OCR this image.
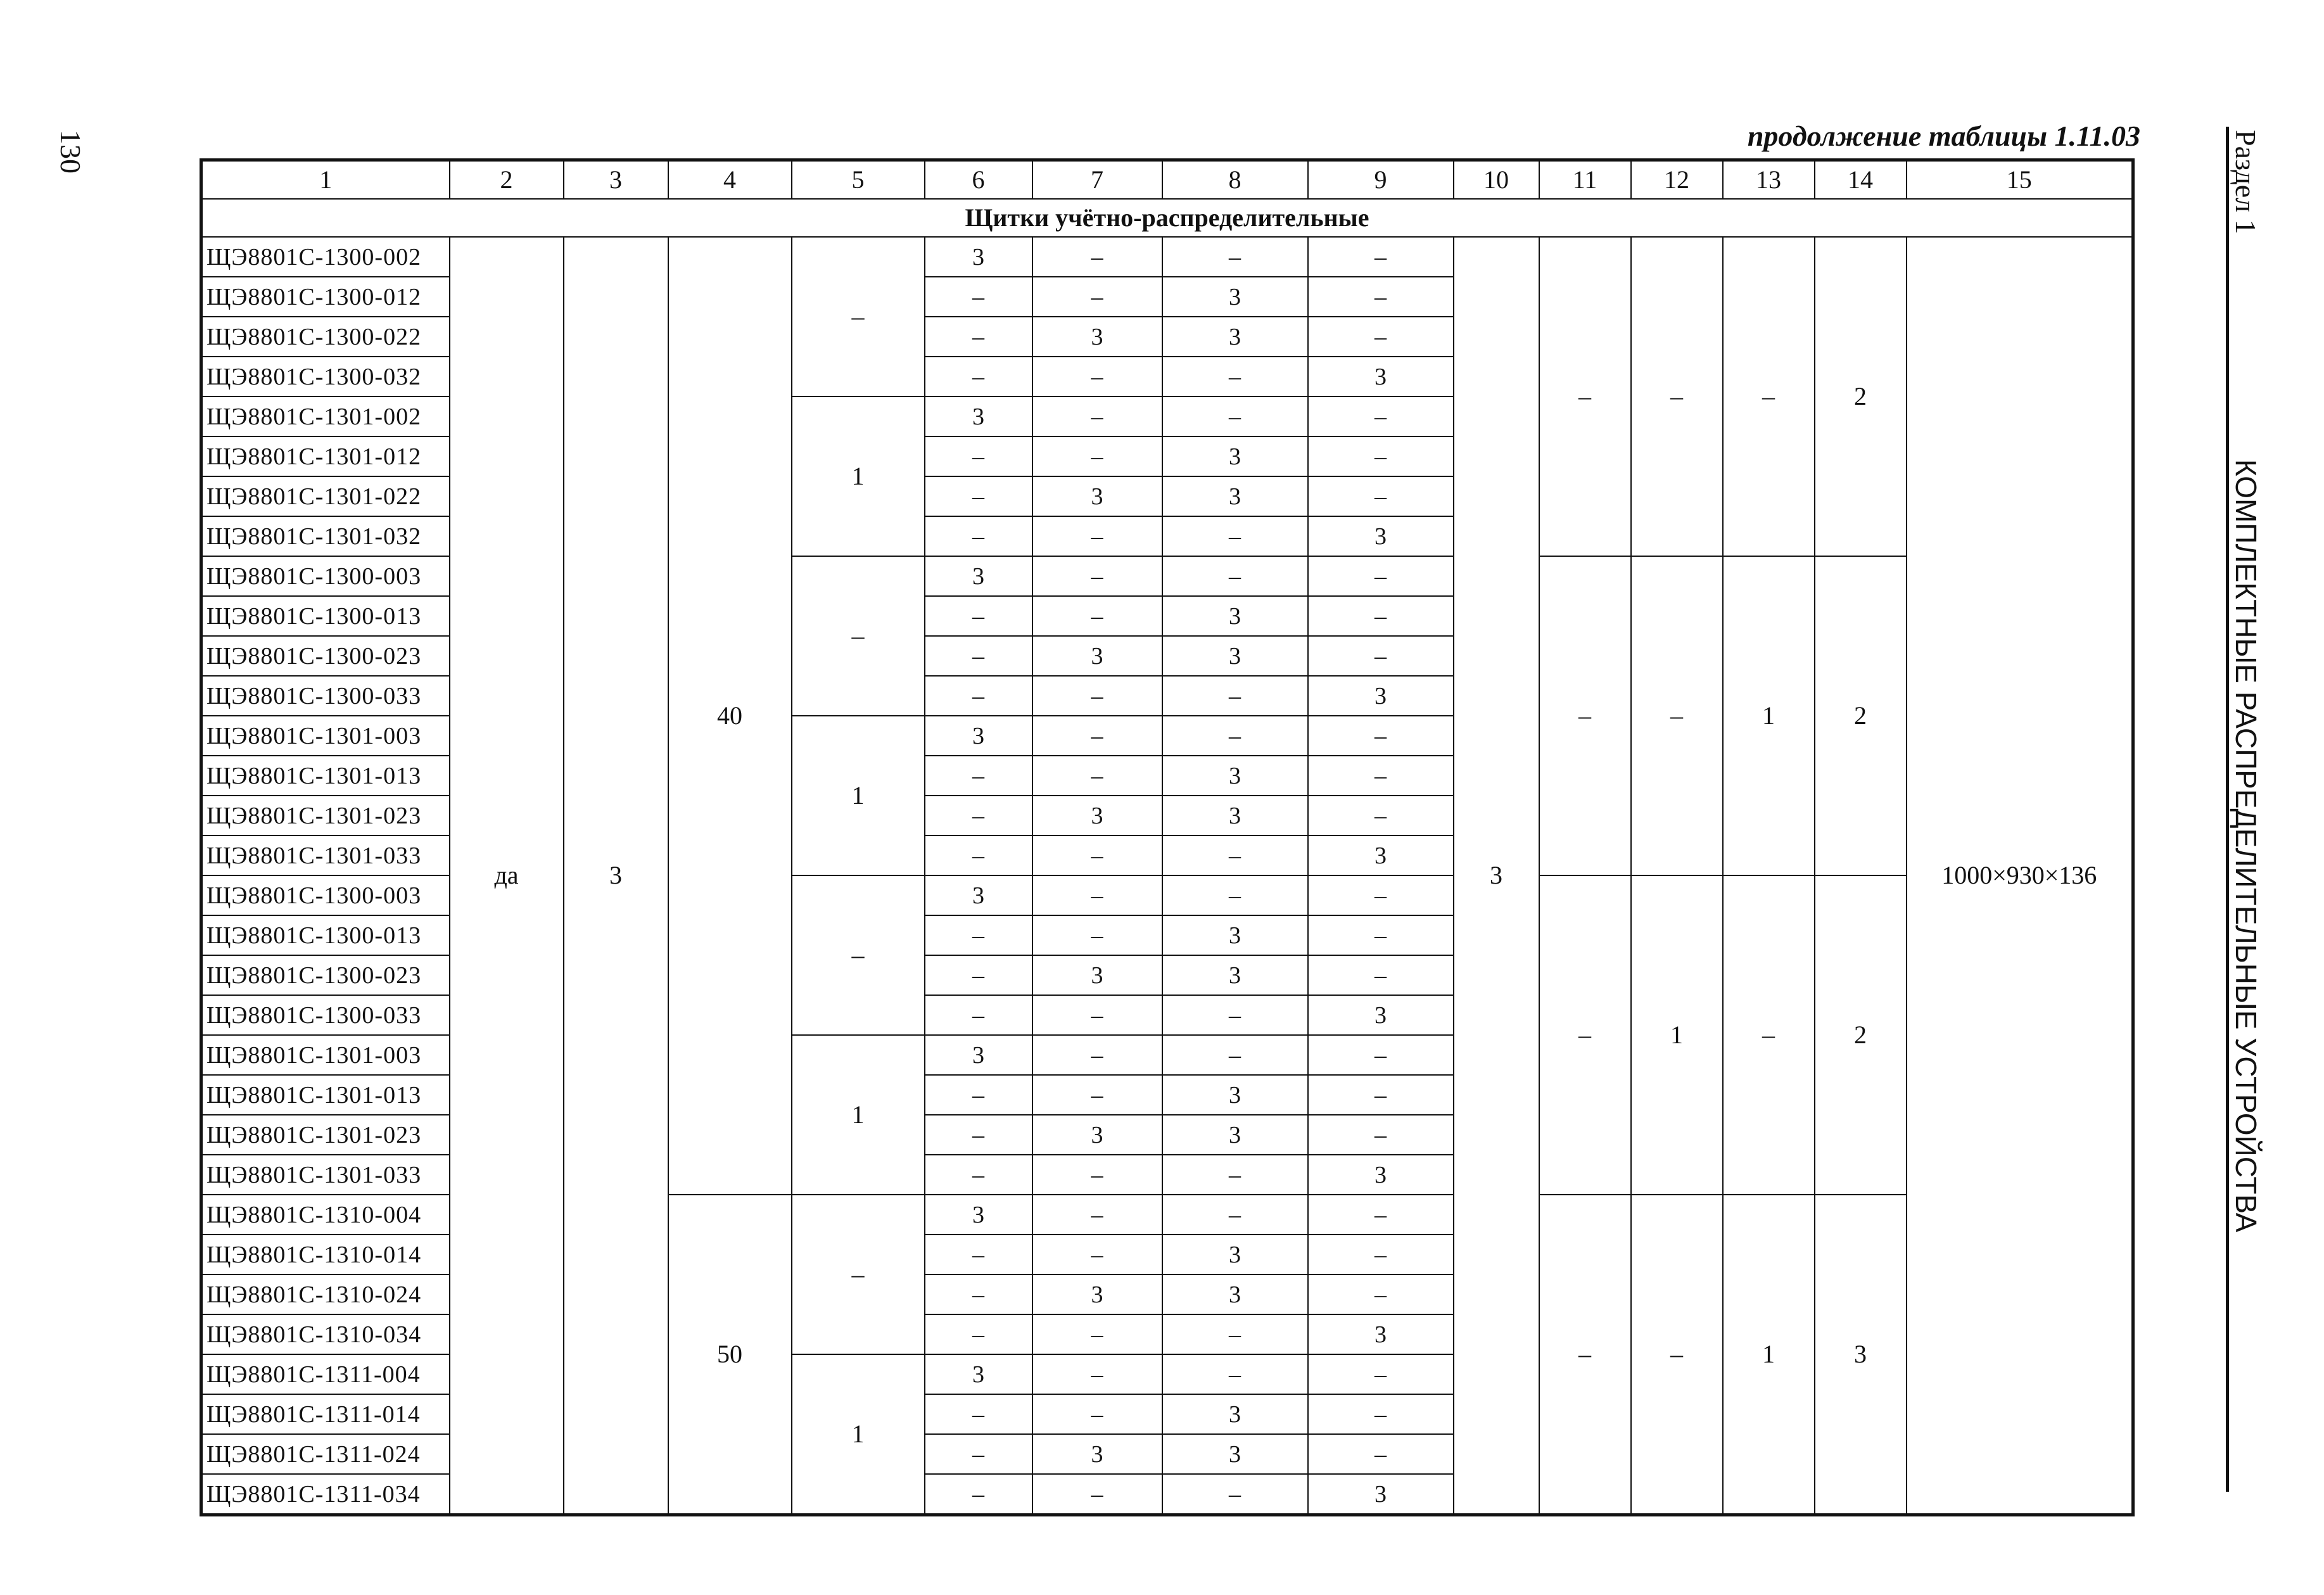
130	продолжение таблицы 1.11.03	Раздел 1КОМПЛЕКТНЫЕ РАСПРЕДЕЛИТЕЛЬНЫЕ УСТРОЙСТВА
1	2	3	4	5	6	7	8	9	10	11	12	13	14	15
Щитки учётно-распределительные														
ЩЭ8801С-1300-002	да	3	40	–	3	–	–	–	3	–	–	–	2	1000×930×136
ЩЭ8801С-1300-012					–	–	3	–						
ЩЭ8801С-1300-022					–	3	3	–						
ЩЭ8801С-1300-032					–	–	–	3						
ЩЭ8801С-1301-002				1	3	–	–	–						
ЩЭ8801С-1301-012					–	–	3	–						
ЩЭ8801С-1301-022					–	3	3	–						
ЩЭ8801С-1301-032					–	–	–	3						
ЩЭ8801С-1300-003				–	3	–	–	–		–	–	1	2	
ЩЭ8801С-1300-013					–	–	3	–						
ЩЭ8801С-1300-023					–	3	3	–						
ЩЭ8801С-1300-033					–	–	–	3						
ЩЭ8801С-1301-003				1	3	–	–	–						
ЩЭ8801С-1301-013					–	–	3	–						
ЩЭ8801С-1301-023					–	3	3	–						
ЩЭ8801С-1301-033					–	–	–	3						
ЩЭ8801С-1300-003				–	3	–	–	–		–	1	–	2	
ЩЭ8801С-1300-013					–	–	3	–						
ЩЭ8801С-1300-023					–	3	3	–						
ЩЭ8801С-1300-033					–	–	–	3						
ЩЭ8801С-1301-003				1	3	–	–	–						
ЩЭ8801С-1301-013					–	–	3	–						
ЩЭ8801С-1301-023					–	3	3	–						
ЩЭ8801С-1301-033					–	–	–	3						
ЩЭ8801С-1310-004			50	–	3	–	–	–		–	–	1	3	
ЩЭ8801С-1310-014					–	–	3	–						
ЩЭ8801С-1310-024					–	3	3	–						
ЩЭ8801С-1310-034					–	–	–	3						
ЩЭ8801С-1311-004				1	3	–	–	–						
ЩЭ8801С-1311-014					–	–	3	–						
ЩЭ8801С-1311-024					–	3	3	–						
ЩЭ8801С-1311-034					–	–	–	3						
